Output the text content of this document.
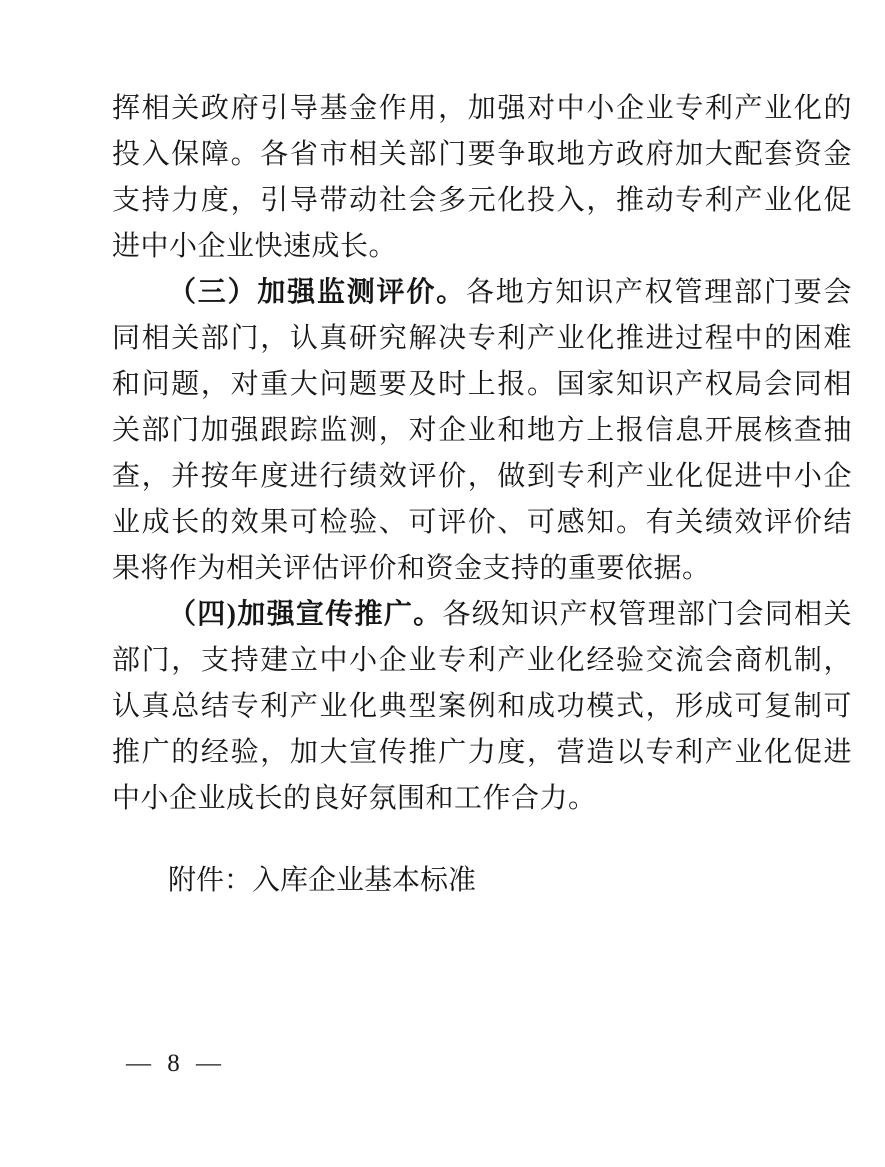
挥相关政府引导基金作用，加强对中小企业专利产业化的投入保障。各省市相关部门要争取地方政府加大配套资金支持力度，引导带动社会多元化投入，推动专利产业化促进中小企业快速成长。

（三）加强监测评价。各地方知识产权管理部门要会同相关部门，认真研究解决专利产业化推进过程中的困难和问题，对重大问题要及时上报。国家知识产权局会同相关部门加强跟踪监测，对企业和地方上报信息开展核查抽查，并按年度进行绩效评价，做到专利产业化促进中小企业成长的效果可检验、可评价、可感知。有关绩效评价结果将作为相关评估评价和资金支持的重要依据。

（四)加强宣传推广。各级知识产权管理部门会同相关部门，支持建立中小企业专利产业化经验交流会商机制，认真总结专利产业化典型案例和成功模式，形成可复制可推广的经验，加大宣传推广力度，营造以专利产业化促进中小企业成长的良好氛围和工作合力。

附件：入库企业基本标准

— 8 —
